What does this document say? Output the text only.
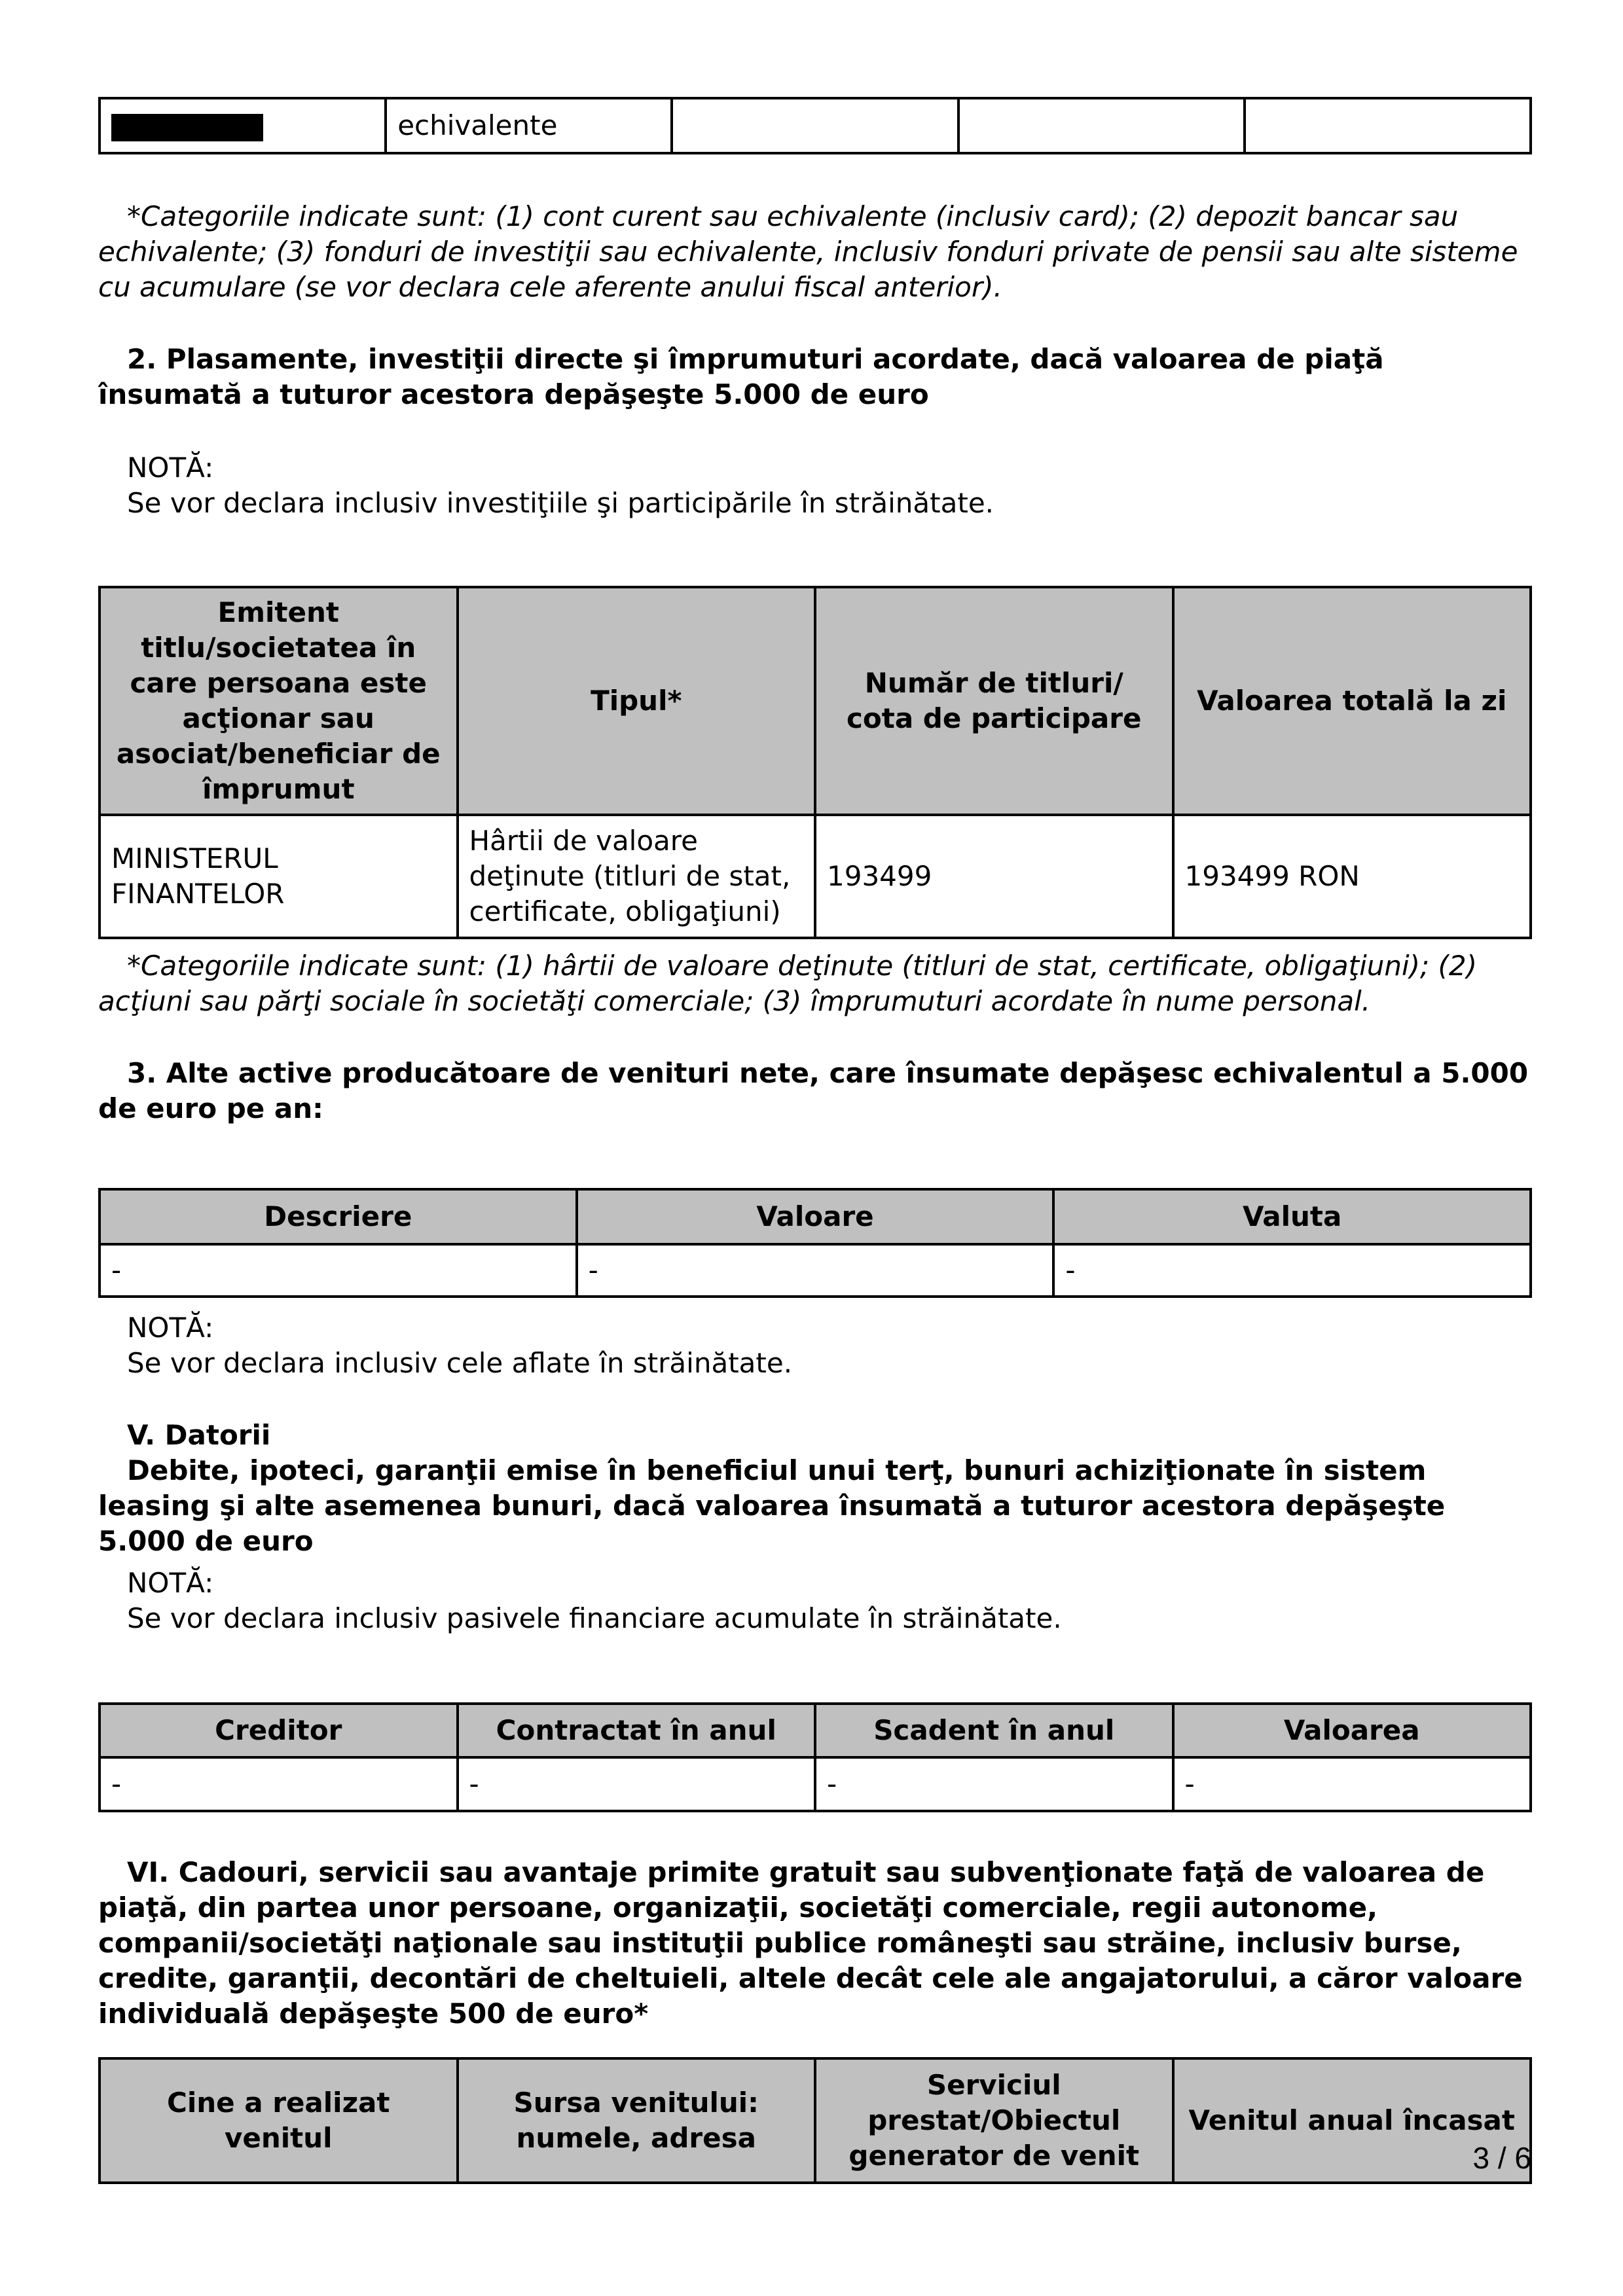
	echivalente			

*Categoriile indicate sunt: (1) cont curent sau echivalente (inclusiv card); (2) depozit bancar sau echivalente; (3) fonduri de investiţii sau echivalente, inclusiv fonduri private de pensii sau alte sisteme cu acumulare (se vor declara cele aferente anului fiscal anterior).

2. Plasamente, investiţii directe şi împrumuturi acordate, dacă valoarea de piaţă însumată a tuturor acestora depăşeşte 5.000 de euro

NOTĂ:

Se vor declara inclusiv investiţiile şi participările în străinătate.

Emitent titlu/societatea în care persoana este acţionar sau asociat/beneficiar de împrumut	Tipul*	Număr de titluri/ cota de participare	Valoarea totală la zi
MINISTERUL FINANTELOR	Hârtii de valoare deţinute (titluri de stat, certificate, obligaţiuni)	193499	193499 RON

*Categoriile indicate sunt: (1) hârtii de valoare deţinute (titluri de stat, certificate, obligaţiuni); (2) acţiuni sau părţi sociale în societăţi comerciale; (3) împrumuturi acordate în nume personal.

3. Alte active producătoare de venituri nete, care însumate depăşesc echivalentul a 5.000 de euro pe an:

Descriere	Valoare	Valuta
-	-	-

NOTĂ:

Se vor declara inclusiv cele aflate în străinătate.

V. Datorii

Debite, ipoteci, garanţii emise în beneficiul unui terţ, bunuri achiziţionate în sistem leasing şi alte asemenea bunuri, dacă valoarea însumată a tuturor acestora depăşeşte 5.000 de euro

NOTĂ:

Se vor declara inclusiv pasivele financiare acumulate în străinătate.

Creditor	Contractat în anul	Scadent în anul	Valoarea
-	-	-	-

VI. Cadouri, servicii sau avantaje primite gratuit sau subvenţionate faţă de valoarea de piaţă, din partea unor persoane, organizaţii, societăţi comerciale, regii autonome, companii/societăţi naţionale sau instituţii publice româneşti sau străine, inclusiv burse, credite, garanţii, decontări de cheltuieli, altele decât cele ale angajatorului, a căror valoare individuală depăşeşte 500 de euro*

Cine a realizat venitul	Sursa venitului: numele, adresa	Serviciul prestat/Obiectul generator de venit	Venitul anual încasat
3 / 6
